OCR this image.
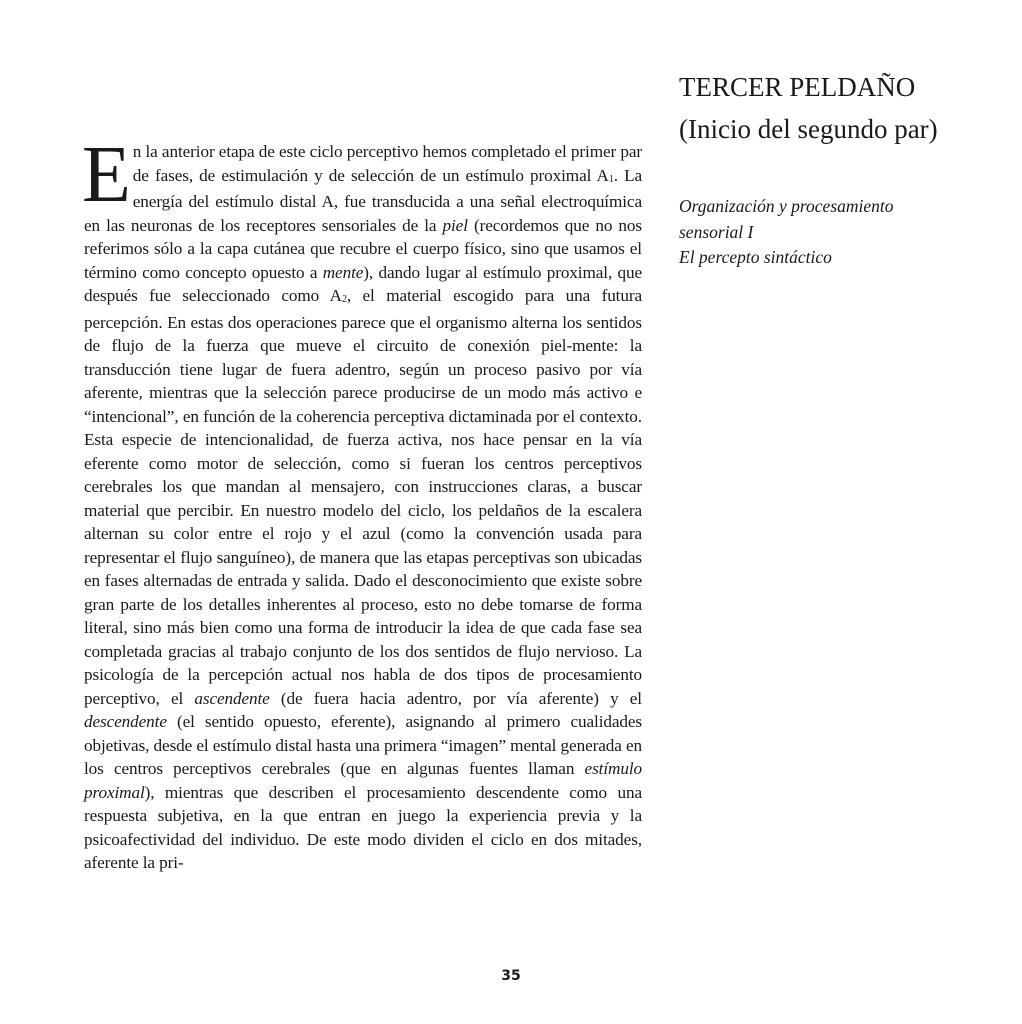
TERCER PELDAÑO
(Inicio del segundo par)
Organización y procesamiento
sensorial I
El percepto sintáctico
En la anterior etapa de este ciclo perceptivo hemos completado el primer par de fases, de estimulación y de selección de un estímulo proximal $A_1$. La energía del estímulo distal A, fue transducida a una señal electroquímica en las neuronas de los receptores sensoriales de la piel (recordemos que no nos referimos sólo a la capa cutánea que recubre el cuerpo físico, sino que usamos el término como concepto opuesto a mente), dando lugar al estímulo proximal, que después fue seleccionado como $A_2$, el material escogido para una futura percepción. En estas dos operaciones parece que el organismo alterna los sentidos de flujo de la fuerza que mueve el circuito de conexión piel-mente: la transducción tiene lugar de fuera adentro, según un proceso pasivo por vía aferente, mientras que la selección parece producirse de un modo más activo e “intencional”, en función de la coherencia perceptiva dictaminada por el contexto. Esta especie de intencionalidad, de fuerza activa, nos hace pensar en la vía eferente como motor de selección, como si fueran los centros perceptivos cerebrales los que mandan al mensajero, con instrucciones claras, a buscar material que percibir. En nuestro modelo del ciclo, los peldaños de la escalera alternan su color entre el rojo y el azul (como la convención usada para representar el flujo sanguíneo), de manera que las etapas perceptivas son ubicadas en fases alternadas de entrada y salida. Dado el desconocimiento que existe sobre gran parte de los detalles inherentes al proceso, esto no debe tomarse de forma literal, sino más bien como una forma de introducir la idea de que cada fase sea completada gracias al trabajo conjunto de los dos sentidos de flujo nervioso. La psicología de la percepción actual nos habla de dos tipos de procesamiento perceptivo, el ascendente (de fuera hacia adentro, por vía aferente) y el descendente (el sentido opuesto, eferente), asignando al primero cualidades objetivas, desde el estímulo distal hasta una primera “imagen” mental generada en los centros perceptivos cerebrales (que en algunas fuentes llaman estímulo proximal), mientras que describen el procesamiento descendente como una respuesta subjetiva, en la que entran en juego la experiencia previa y la psicoafectividad del individuo. De este modo dividen el ciclo en dos mitades, aferente la pri-
35
